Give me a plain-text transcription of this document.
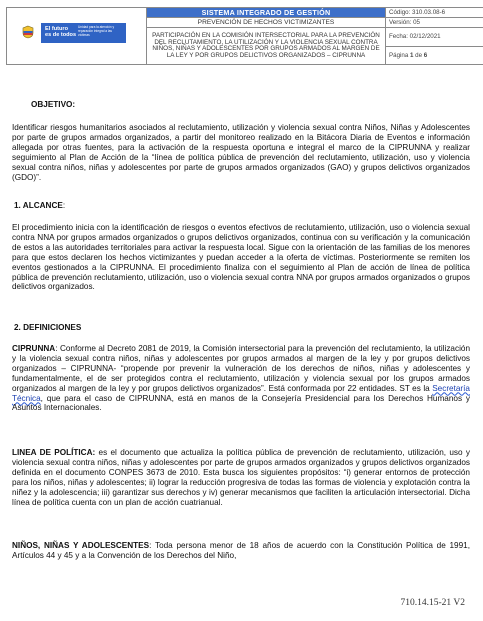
El futuro
es de todos
Unidad para la atención y reparación integral a las víctimas	SISTEMA INTEGRADO DE GESTIÓN	Código: 310.03.08-6
	PREVENCIÓN DE HECHOS VICTIMIZANTES	Versión: 05
	PARTICIPACIÓN EN LA COMISIÓN INTERSECTORIAL PARA LA PREVENCIÓN DEL RECLUTAMIENTO, LA UTILIZACIÓN Y LA VIOLENCIA SEXUAL CONTRA NIÑOS, NIÑAS Y ADOLESCENTES POR GRUPOS ARMADOS AL MARGEN DE LA LEY Y POR GRUPOS DELICTIVOS ORGANIZADOS – CIPRUNNA	Fecha: 02/12/2021
		Página 1 de 6
OBJETIVO:

Identificar riesgos humanitarios asociados al reclutamiento, utilización y violencia sexual contra Niños, Niñas y Adolescentes por parte de grupos armados organizados, a partir del monitoreo realizado en la Bitácora Diaria de Eventos e información allegada por otras fuentes, para la activación de la respuesta oportuna e integral el marco de la CIPRUNNA y realizar seguimiento al Plan de Acción de la “línea de política pública de prevención del reclutamiento, utilización, uso y violencia sexual contra niños, niñas y adolescentes por parte de grupos armados organizados (GAO) y grupos delictivos organizados (GDO)”.

1. ALCANCE:

El procedimiento inicia con la identificación de riesgos o eventos efectivos de reclutamiento, utilización, uso o violencia sexual contra NNA por grupos armados organizados o grupos delictivos organizados, continua con su verificación y la comunicación de estos a las autoridades territoriales para activar la respuesta local. Sigue con la orientación de las familias de los menores para que estos declaren los hechos victimizantes y puedan acceder a la oferta de víctimas. Posteriormente se remiten los eventos gestionados a la CIPRUNNA. El procedimiento finaliza con el seguimiento al Plan de acción de línea de política pública de prevención reclutamiento, utilización, uso o violencia sexual contra NNA por grupos armados organizados o grupos delictivos organizados.

2. DEFINICIONES

CIPRUNNA: Conforme al Decreto 2081 de 2019, la Comisión intersectorial para la prevención del reclutamiento, la utilización y la violencia sexual contra niños, niñas y adolescentes por grupos armados al margen de la ley y por grupos delictivos organizados – CIPRUNNA- “propende por prevenir la vulneración de los derechos de niños, niñas y adolescentes y fundamentalmente, el de ser protegidos contra el reclutamiento, utilización y violencia sexual por los grupos armados organizados al margen de la ley y por grupos delictivos organizados”. Está conformada por 22 entidades. ST es la Secretaría Técnica, que para el caso de CIPRUNNA, está en manos de la Consejería Presidencial para los Derechos Humanos y Asuntos Internacionales.

LINEA DE POLÍTICA: es el documento que actualiza la política pública de prevención de reclutamiento, utilización, uso y violencia sexual contra niños, niñas y adolescentes por parte de grupos armados organizados y grupos delictivos organizados definida en el documento CONPES 3673 de 2010. Esta busca los siguientes propósitos: “i) generar entornos de protección para los niños, niñas y adolescentes; ii) lograr la reducción progresiva de todas las formas de violencia y explotación contra la niñez y la adolescencia; iii) garantizar sus derechos y iv) generar mecanismos que faciliten la articulación intersectorial. Dicha línea de política cuenta con un plan de acción cuatrianual.

NIÑOS, NIÑAS Y ADOLESCENTES: Toda persona menor de 18 años de acuerdo con la Constitución Política de 1991, Artículos 44 y 45 y a la Convención de los Derechos del Niño,

710.14.15-21 V2
